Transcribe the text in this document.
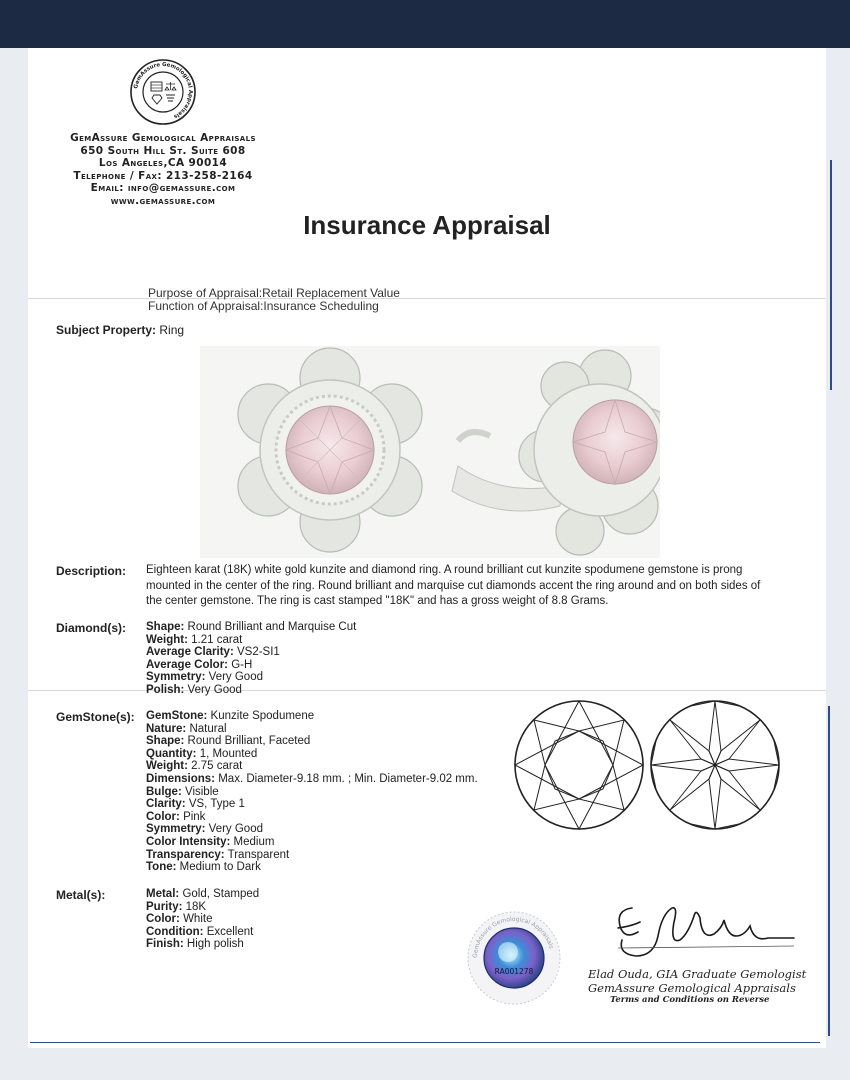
GemAssure Gemological Appraisals
GemAssure Gemological Appraisals
650 South Hill St. Suite 608
Los Angeles,CA 90014
Telephone / Fax: 213-258-2164
Email: info@gemassure.com
www.gemassure.com
Insurance Appraisal
Purpose of Appraisal:Retail Replacement Value
Function of Appraisal:Insurance Scheduling
Subject Property: Ring
Description: Eighteen karat (18K) white gold kunzite and diamond ring. A round brilliant cut kunzite spodumene gemstone is prong mounted in the center of the ring. Round brilliant and marquise cut diamonds accent the ring around and on both sides of the center gemstone. The ring is cast stamped "18K" and has a gross weight of 8.8 Grams.
Diamond(s): Shape: Round Brilliant and Marquise Cut
Weight: 1.21 carat
Average Clarity: VS2-SI1
Average Color: G-H
Symmetry: Very Good
Polish: Very Good
GemStone(s): GemStone: Kunzite Spodumene
Nature: Natural
Shape: Round Brilliant, Faceted
Quantity: 1, Mounted
Weight: 2.75 carat
Dimensions: Max. Diameter-9.18 mm. ; Min. Diameter-9.02 mm.
Bulge: Visible
Clarity: VS, Type 1
Color: Pink
Symmetry: Very Good
Color Intensity: Medium
Transparency: Transparent
Tone: Medium to Dark
Metal(s):	Metal: Gold, Stamped
Purity: 18K
Color: White
Condition: Excellent
Finish: High polish
GemAssure Gemological Appraisals
RA001278	Elad Ouda, GIA Graduate Gemologist
GemAssure Gemological Appraisals
Terms and Conditions on Reverse
